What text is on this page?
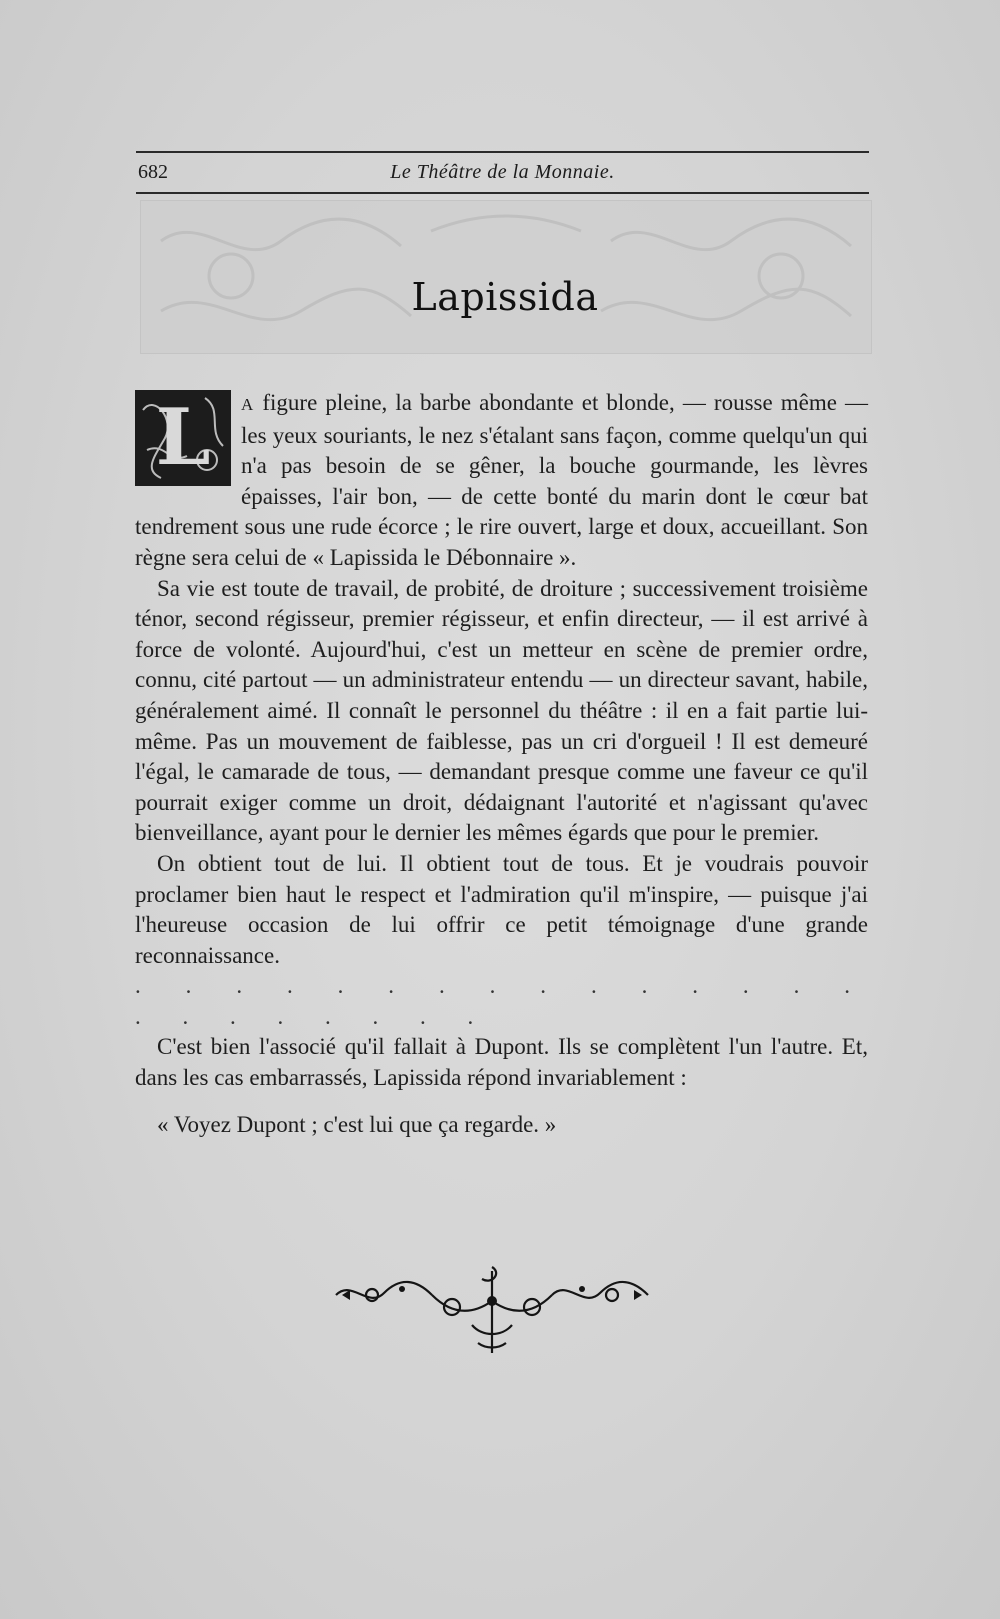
682	Le Théâtre de la Monnaie.
Lapissida

L	A figure pleine, la barbe abondante et blonde, — rousse même — les yeux souriants, le nez s'étalant sans façon, comme quelqu'un qui n'a pas besoin de se gêner, la bouche gourmande, les lèvres épaisses, l'air bon, — de cette bonté du marin dont le cœur bat tendrement sous une rude écorce ; le rire ouvert, large et doux, accueillant. Son règne sera celui de « Lapissida le Débonnaire ».

Sa vie est toute de travail, de probité, de droiture ; successivement troisième ténor, second régisseur, premier régisseur, et enfin directeur, — il est arrivé à force de volonté. Aujourd'hui, c'est un metteur en scène de premier ordre, connu, cité partout — un administrateur entendu — un directeur savant, habile, généralement aimé. Il connaît le personnel du théâtre : il en a fait partie lui-même. Pas un mouvement de faiblesse, pas un cri d'orgueil ! Il est demeuré l'égal, le camarade de tous, — demandant presque comme une faveur ce qu'il pourrait exiger comme un droit, dédaignant l'autorité et n'agissant qu'avec bienveillance, ayant pour le dernier les mêmes égards que pour le premier.

On obtient tout de lui. Il obtient tout de tous. Et je voudrais pouvoir proclamer bien haut le respect et l'admiration qu'il m'inspire, — puisque j'ai l'heureuse occasion de lui offrir ce petit témoignage d'une grande reconnaissance.

. . . . . . . . . . . . . . . . . . . . . . .

C'est bien l'associé qu'il fallait à Dupont. Ils se complètent l'un l'autre. Et, dans les cas embarrassés, Lapissida répond invariablement :

« Voyez Dupont ; c'est lui que ça regarde. »
